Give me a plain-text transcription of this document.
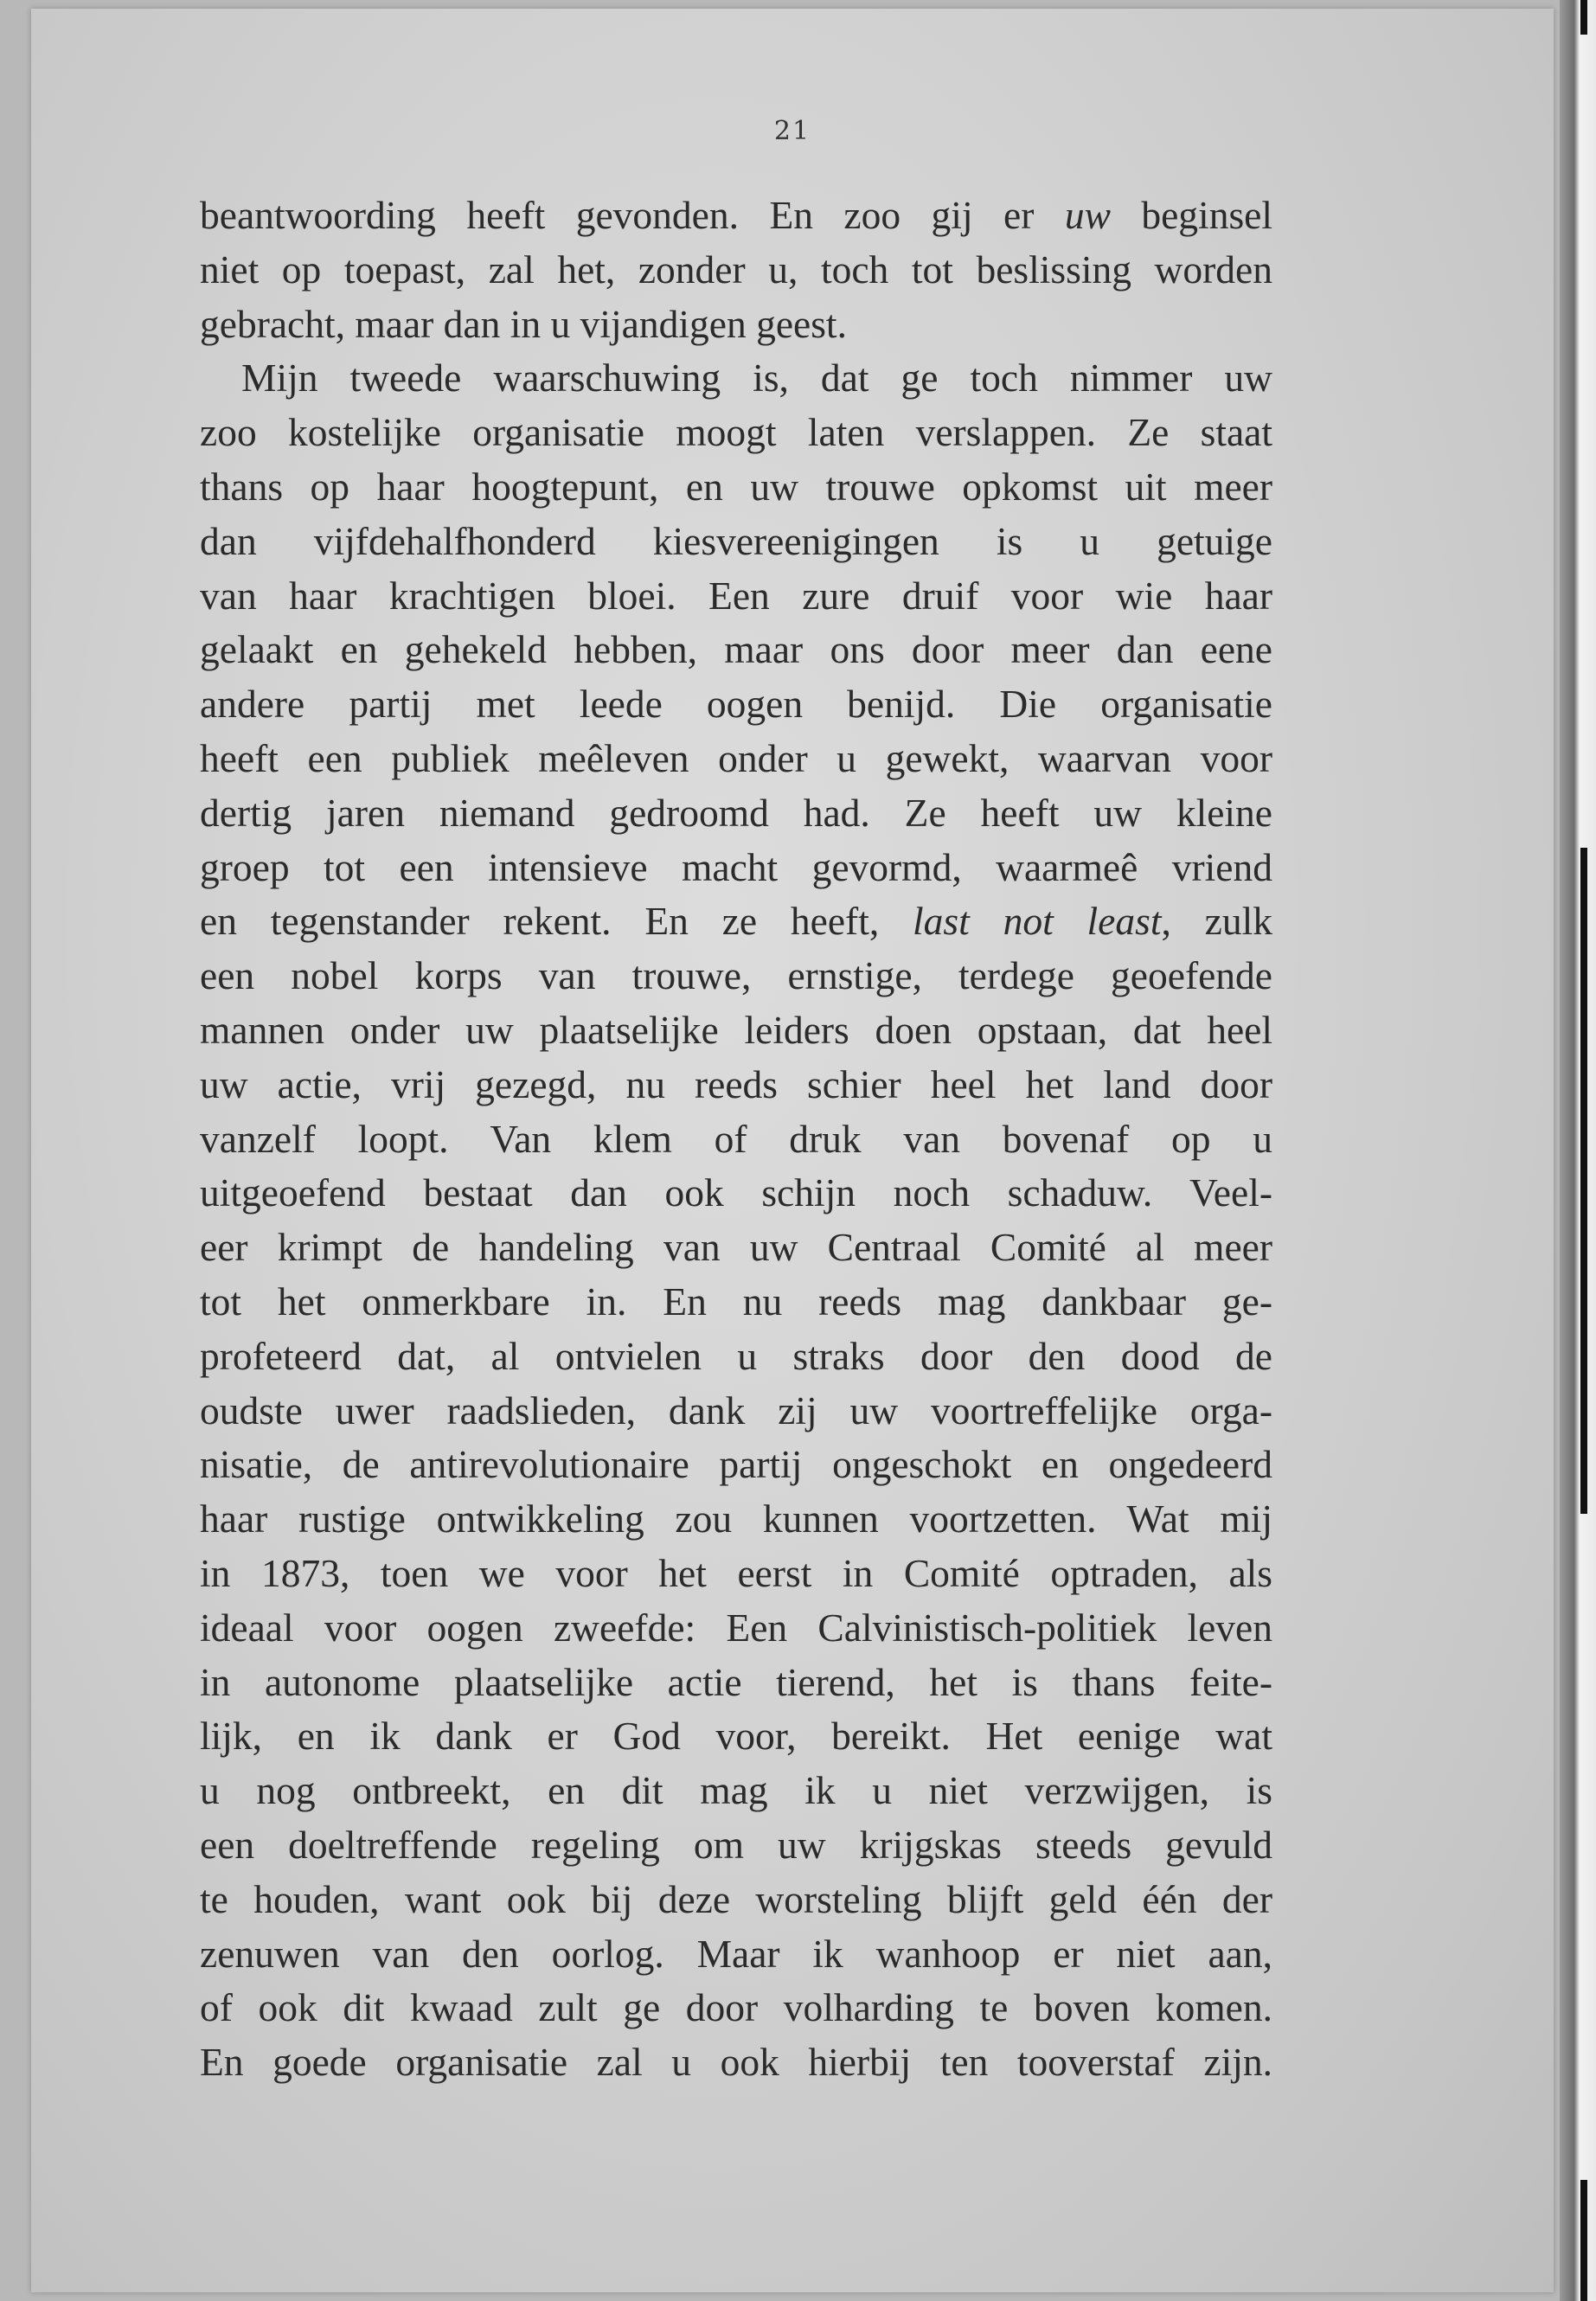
21
beantwoording heeft gevonden. En zoo gij er uw beginsel
niet op toepast, zal het, zonder u, toch tot beslissing worden
gebracht, maar dan in u vijandigen geest.
Mijn tweede waarschuwing is, dat ge toch nimmer uw
zoo kostelijke organisatie moogt laten verslappen. Ze staat
thans op haar hoogtepunt, en uw trouwe opkomst uit meer
dan vijfdehalfhonderd kiesvereenigingen is u getuige
van haar krachtigen bloei. Een zure druif voor wie haar
gelaakt en gehekeld hebben, maar ons door meer dan eene
andere partij met leede oogen benijd. Die organisatie
heeft een publiek meêleven onder u gewekt, waarvan voor
dertig jaren niemand gedroomd had. Ze heeft uw kleine
groep tot een intensieve macht gevormd, waarmeê vriend
en tegenstander rekent. En ze heeft, last not least, zulk
een nobel korps van trouwe, ernstige, terdege geoefende
mannen onder uw plaatselijke leiders doen opstaan, dat heel
uw actie, vrij gezegd, nu reeds schier heel het land door
vanzelf loopt. Van klem of druk van bovenaf op u
uitgeoefend bestaat dan ook schijn noch schaduw. Veel-
eer krimpt de handeling van uw Centraal Comité al meer
tot het onmerkbare in. En nu reeds mag dankbaar ge-
profeteerd dat, al ontvielen u straks door den dood de
oudste uwer raadslieden, dank zij uw voortreffelijke orga-
nisatie, de antirevolutionaire partij ongeschokt en ongedeerd
haar rustige ontwikkeling zou kunnen voortzetten. Wat mij
in 1873, toen we voor het eerst in Comité optraden, als
ideaal voor oogen zweefde: Een Calvinistisch-politiek leven
in autonome plaatselijke actie tierend, het is thans feite-
lijk, en ik dank er God voor, bereikt. Het eenige wat
u nog ontbreekt, en dit mag ik u niet verzwijgen, is
een doeltreffende regeling om uw krijgskas steeds gevuld
te houden, want ook bij deze worsteling blijft geld één der
zenuwen van den oorlog. Maar ik wanhoop er niet aan,
of ook dit kwaad zult ge door volharding te boven komen.
En goede organisatie zal u ook hierbij ten tooverstaf zijn.
